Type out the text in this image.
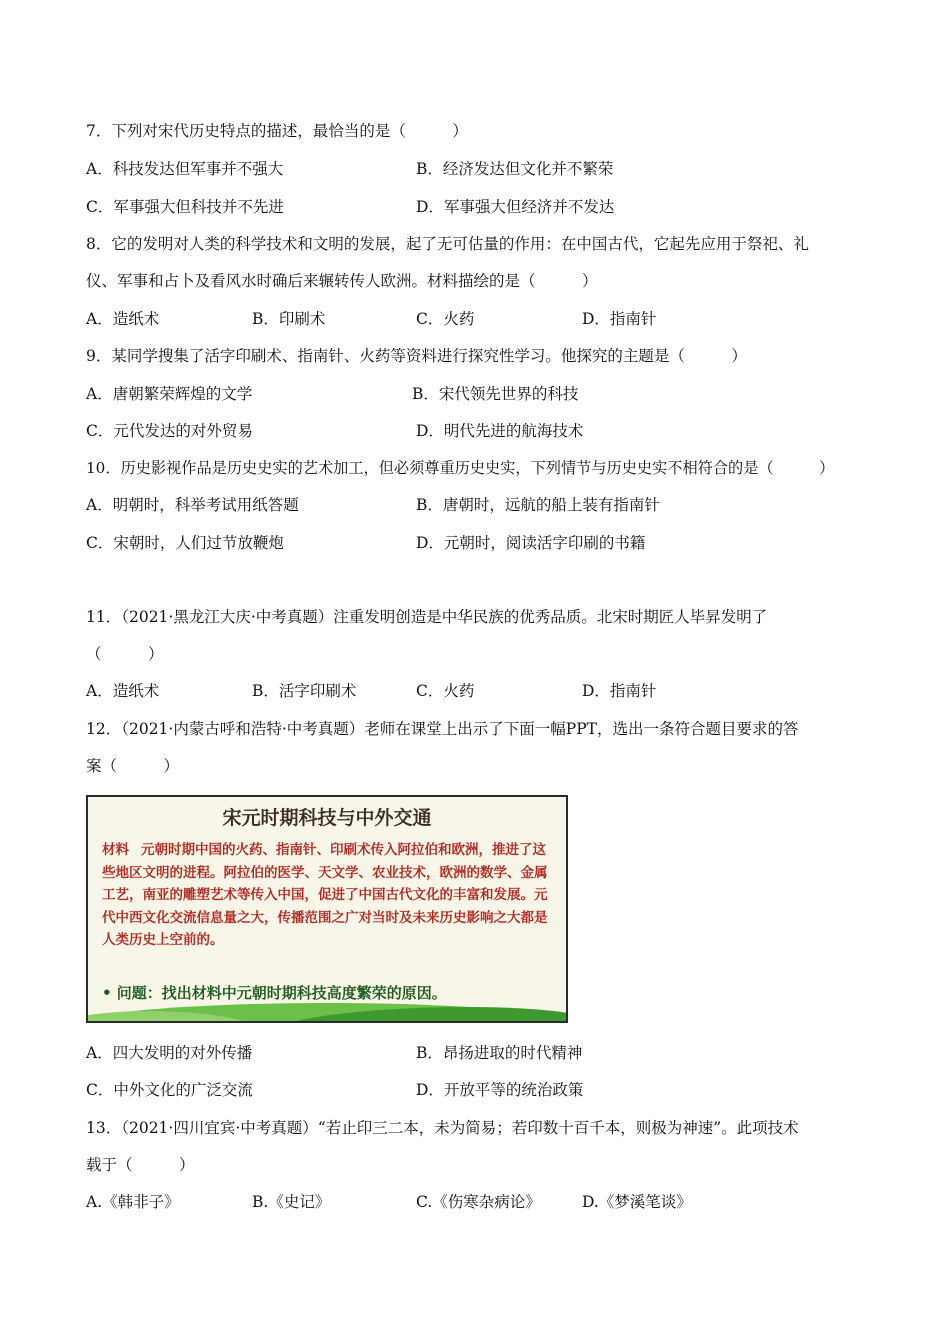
7．下列对宋代历史特点的描述，最恰当的是（　　　）
A．科技发达但军事并不强大	B．经济发达但文化并不繁荣
C．军事强大但科技并不先进	D．军事强大但经济并不发达
8．它的发明对人类的科学技术和文明的发展，起了无可估量的作用：在中国古代，它起先应用于祭祀、礼
仪、军事和占卜及看风水时确后来辗转传人欧洲。材料描绘的是（　　　）
A．造纸术	B．印刷术	C．火药	D．指南针
9．某同学搜集了活字印刷术、指南针、火药等资料进行探究性学习。他探究的主题是（　　　）
A．唐朝繁荣辉煌的文学	B．宋代领先世界的科技
C．元代发达的对外贸易	D．明代先进的航海技术
10．历史影视作品是历史史实的艺术加工，但必须尊重历史史实，下列情节与历史史实不相符合的是（　　　）
A．明朝时，科举考试用纸答题	B．唐朝时，远航的船上装有指南针
C．宋朝时，人们过节放鞭炮	D．元朝时，阅读活字印刷的书籍
11．（2021·黑龙江大庆·中考真题）注重发明创造是中华民族的优秀品质。北宋时期匠人毕昇发明了
（　　　）
A．造纸术	B．活字印刷术	C．火药	D．指南针
12．（2021·内蒙古呼和浩特·中考真题）老师在课堂上出示了下面一幅PPT，选出一条符合题目要求的答
案（　　　）
宋元时期科技与中外交通
材料 元朝时期中国的火药、指南针、印刷术传入阿拉伯和欧洲，推进了这些地区文明的进程。阿拉伯的医学、天文学、农业技术，欧洲的数学、金属工艺，南亚的雕塑艺术等传入中国，促进了中国古代文化的丰富和发展。元代中西文化交流信息量之大，传播范围之广对当时及未来历史影响之大都是人类历史上空前的。
• 问题：找出材料中元朝时期科技高度繁荣的原因。
A．四大发明的对外传播	B．昂扬进取的时代精神
C．中外文化的广泛交流	D．开放平等的统治政策
13．（2021·四川宜宾·中考真题）“若止印三二本，未为简易；若印数十百千本，则极为神速”。此项技术
载于（　　　）
A.《韩非子》	B.《史记》	C.《伤寒杂病论》	D.《梦溪笔谈》
